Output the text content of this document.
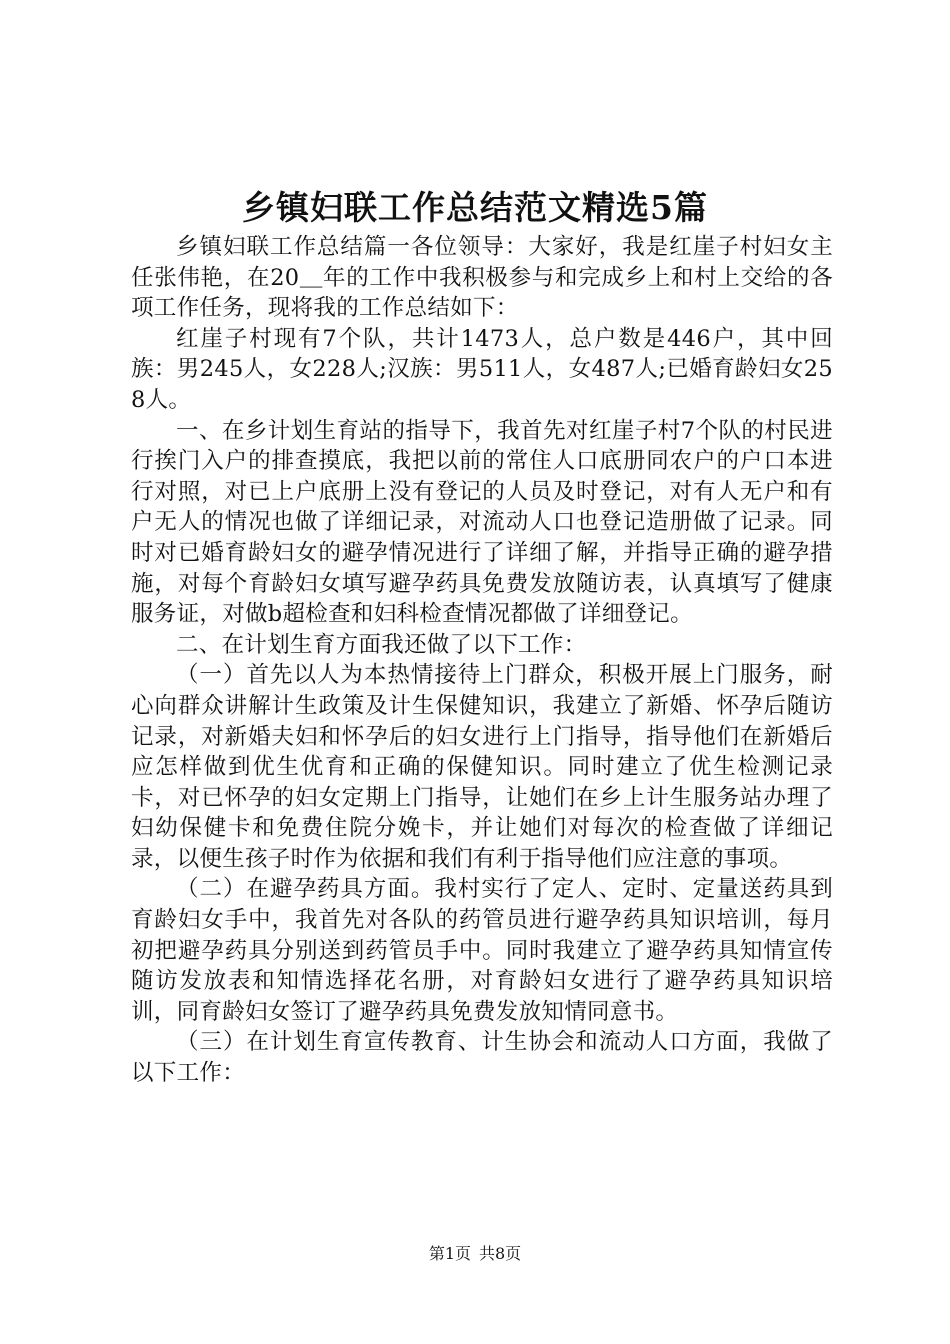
乡镇妇联工作总结范文精选5篇

乡镇妇联工作总结篇一各位领导：大家好，我是红崖子村妇女主任张伟艳，在20＿年的工作中我积极参与和完成乡上和村上交给的各项工作任务，现将我的工作总结如下：

红崖子村现有7个队，共计1473人，总户数是446户，其中回族：男245人，女228人;汉族：男511人，女487人;已婚育龄妇女258人。

一、在乡计划生育站的指导下，我首先对红崖子村7个队的村民进行挨门入户的排查摸底，我把以前的常住人口底册同农户的户口本进行对照，对已上户底册上没有登记的人员及时登记，对有人无户和有户无人的情况也做了详细记录，对流动人口也登记造册做了记录。同时对已婚育龄妇女的避孕情况进行了详细了解，并指导正确的避孕措施，对每个育龄妇女填写避孕药具免费发放随访表，认真填写了健康服务证，对做b超检查和妇科检查情况都做了详细登记。

二、在计划生育方面我还做了以下工作：

（一）首先以人为本热情接待上门群众，积极开展上门服务，耐心向群众讲解计生政策及计生保健知识，我建立了新婚、怀孕后随访记录，对新婚夫妇和怀孕后的妇女进行上门指导，指导他们在新婚后应怎样做到优生优育和正确的保健知识。同时建立了优生检测记录卡，对已怀孕的妇女定期上门指导，让她们在乡上计生服务站办理了妇幼保健卡和免费住院分娩卡，并让她们对每次的检查做了详细记录，以便生孩子时作为依据和我们有利于指导他们应注意的事项。

（二）在避孕药具方面。我村实行了定人、定时、定量送药具到育龄妇女手中，我首先对各队的药管员进行避孕药具知识培训，每月初把避孕药具分别送到药管员手中。同时我建立了避孕药具知情宣传随访发放表和知情选择花名册，对育龄妇女进行了避孕药具知识培训，同育龄妇女签订了避孕药具免费发放知情同意书。

（三）在计划生育宣传教育、计生协会和流动人口方面，我做了以下工作：

第1页 共8页
